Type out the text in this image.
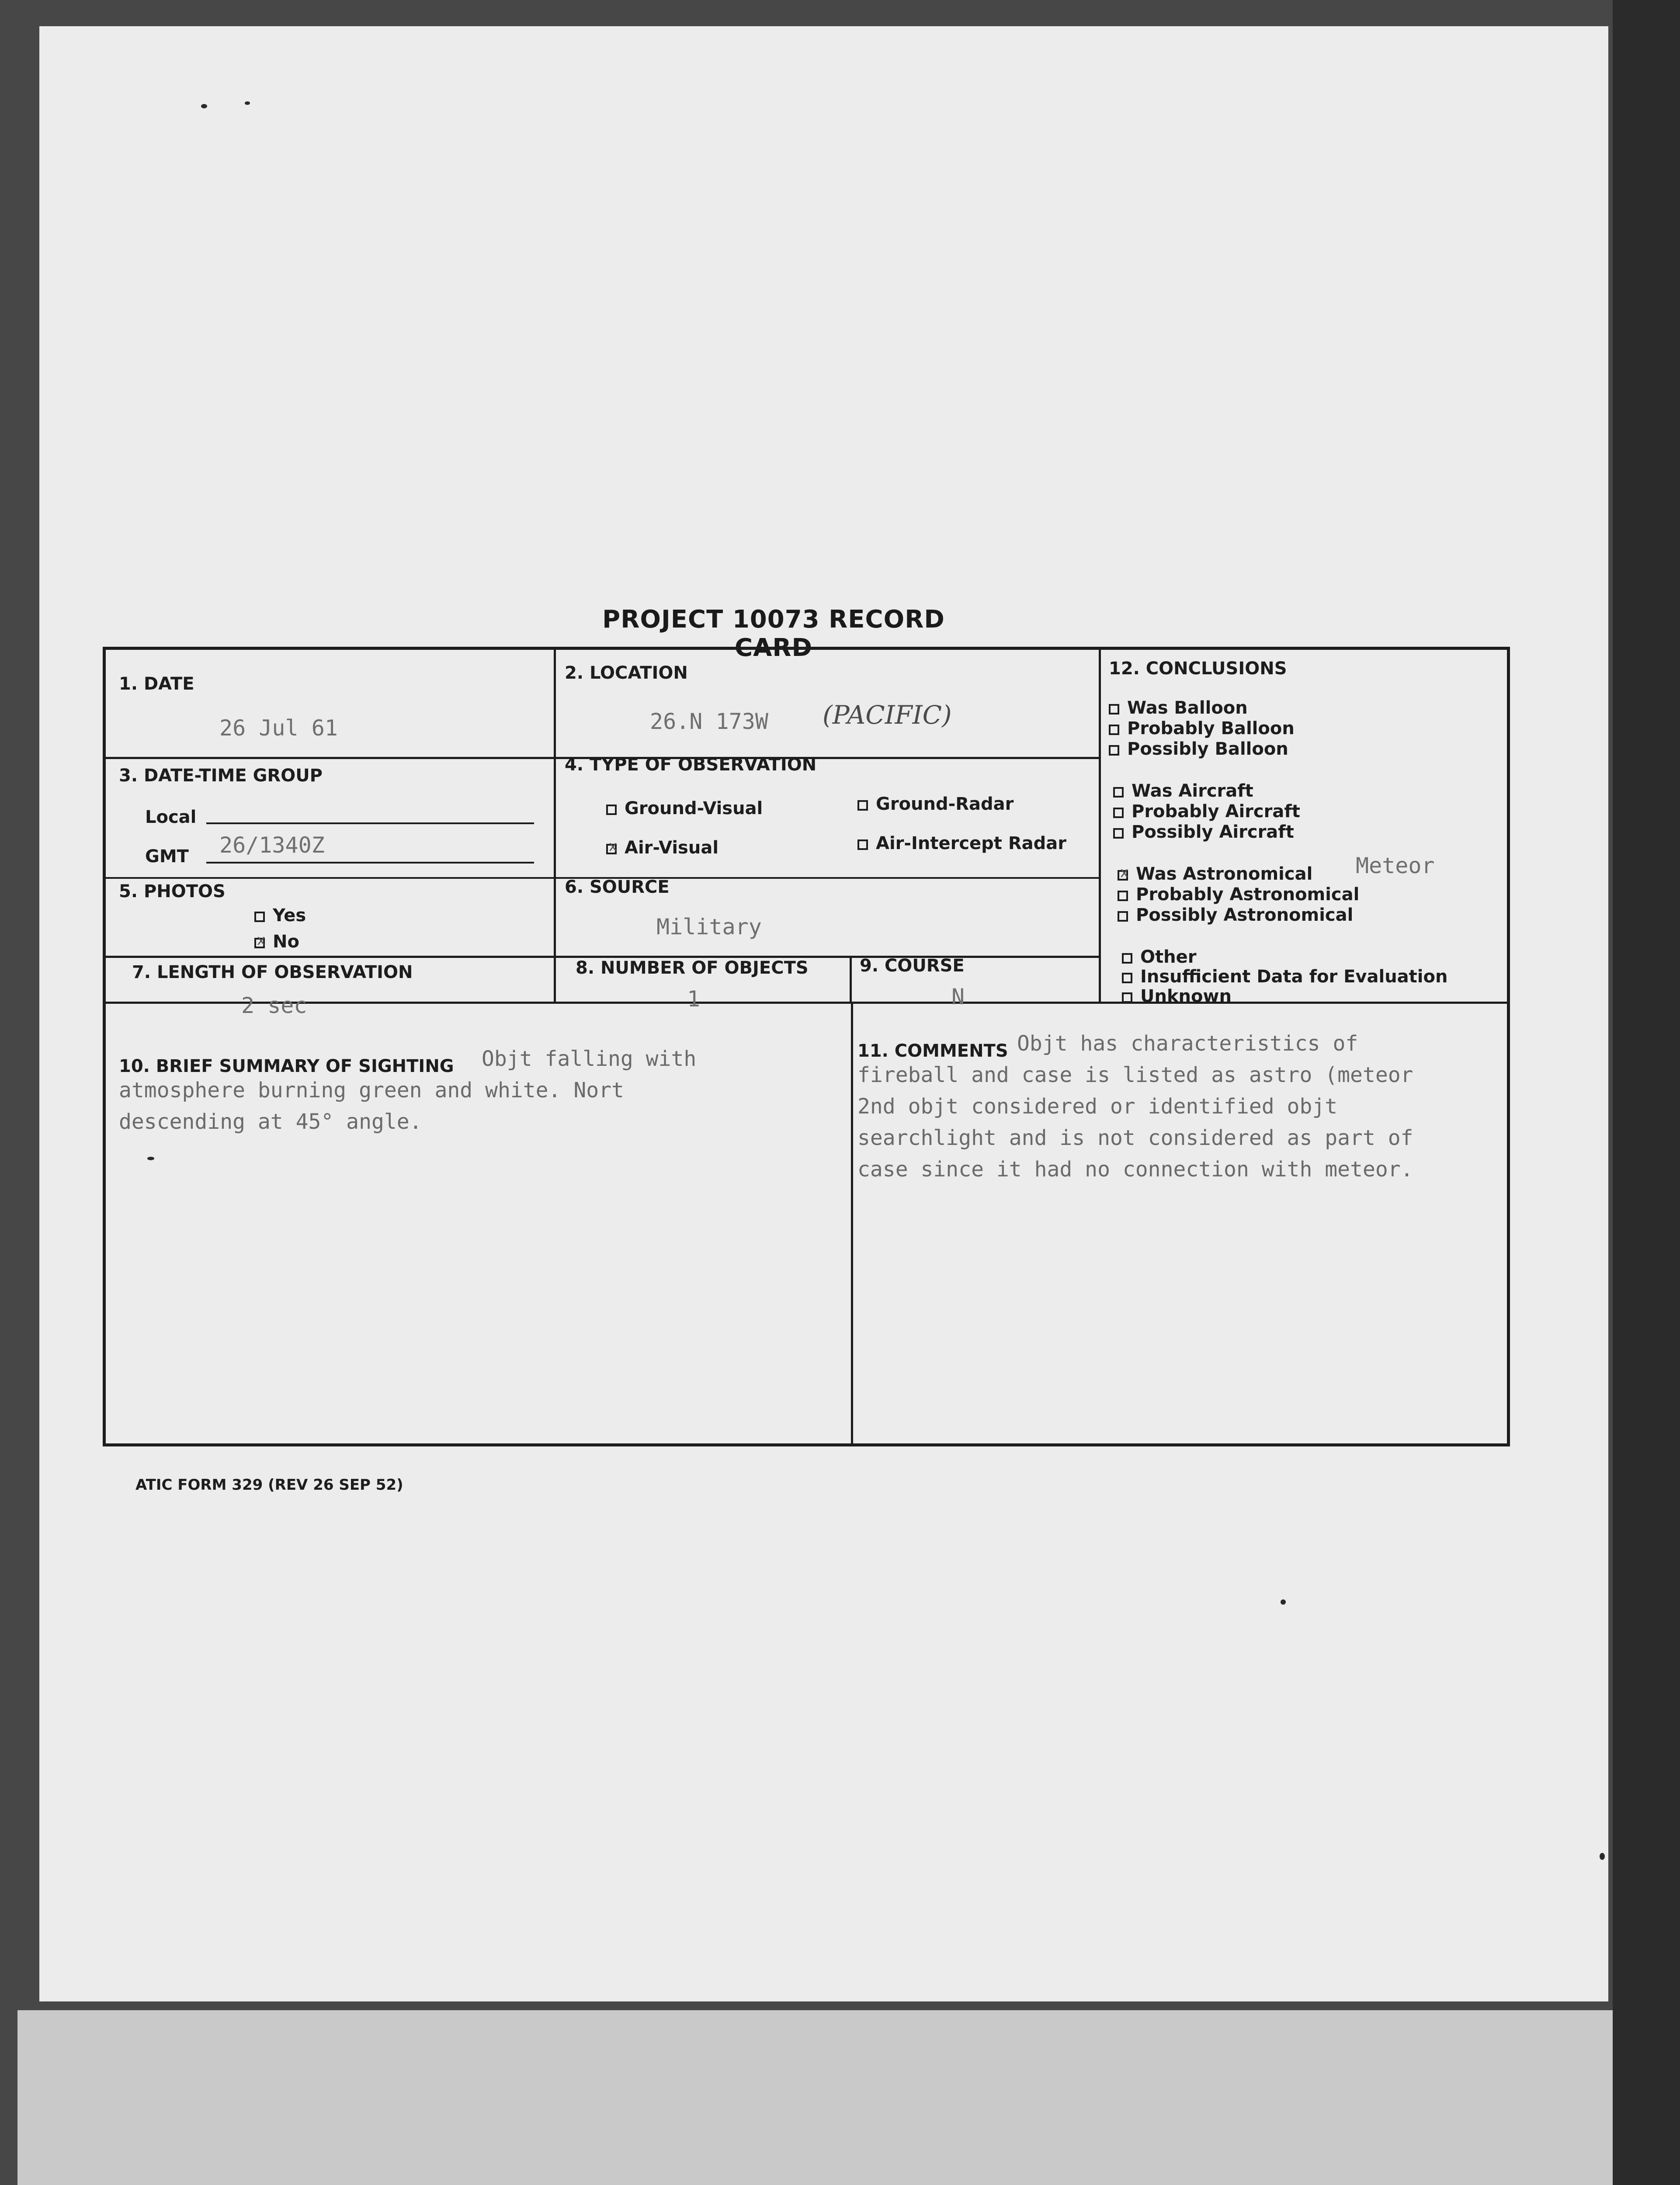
PROJECT 10073 RECORD CARD
1. DATE
26 Jul 61
2. LOCATION
26.N 173W (PACIFIC)
3. DATE-TIME GROUP
Local
GMT 26/1340Z
4. TYPE OF OBSERVATION
Ground-Visual	Ground-Radar
xAir-Visual	Air-Intercept Radar
5. PHOTOS
Yes
xNo
6. SOURCE
Military
7. LENGTH OF OBSERVATION
2 sec
8. NUMBER OF OBJECTS
1
9. COURSE
N
10. BRIEF SUMMARY OF SIGHTING Objt falling with
atmosphere burning green and white. Nort
descending at 45° angle.
11. COMMENTS Objt has characteristics of
fireball and case is listed as astro (meteor
2nd objt considered or identified objt
searchlight and is not considered as part of
case since it had no connection with meteor.
12. CONCLUSIONS
Was Balloon
Probably Balloon
Possibly Balloon
Was Aircraft
Probably Aircraft
Possibly Aircraft
xWas Astronomical Meteor
Probably Astronomical
Possibly Astronomical
Other
Insufficient Data for Evaluation
Unknown
ATIC FORM 329 (REV 26 SEP 52)
